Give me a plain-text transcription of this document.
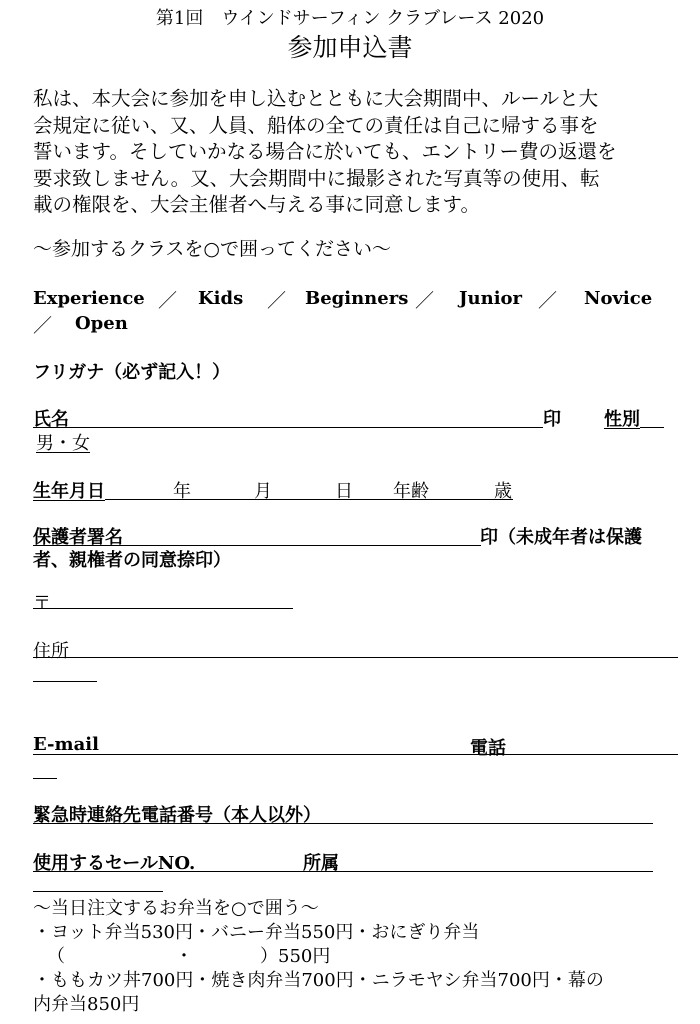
第1回　ウインドサーフィン クラブレース 2020
参加申込書
私は、本大会に参加を申し込むとともに大会期間中、ルールと大
会規定に従い、又、人員、船体の全ての責任は自己に帰する事を
誓います。そしていかなる場合に於いても、エントリー費の返還を
要求致しません。又、大会期間中に撮影された写真等の使用、転
載の権限を、大会主催者へ与える事に同意します。
〜参加するクラスを○で囲ってください〜
Experience ／ Kids ／ Beginners ／ Junior ／ Novice
／ Open
フリガナ（必ず記入！）
氏名	印 性別
男・女
生年月日	年	月	日 年齢	歳
保護者署名	印 （未成年者は保護
者、親権者の同意捺印）
〒
住所
E-mail	電話
緊急時連絡先電話番号（本人以外）
使用するセールNO.	所属
〜当日注文するお弁当を○で囲う〜
・ヨット弁当530円・バニー弁当550円・おにぎり弁当
（	・	）550円
・ももカツ丼700円・焼き肉弁当700円・ニラモヤシ弁当700円・幕の
内弁当850円
